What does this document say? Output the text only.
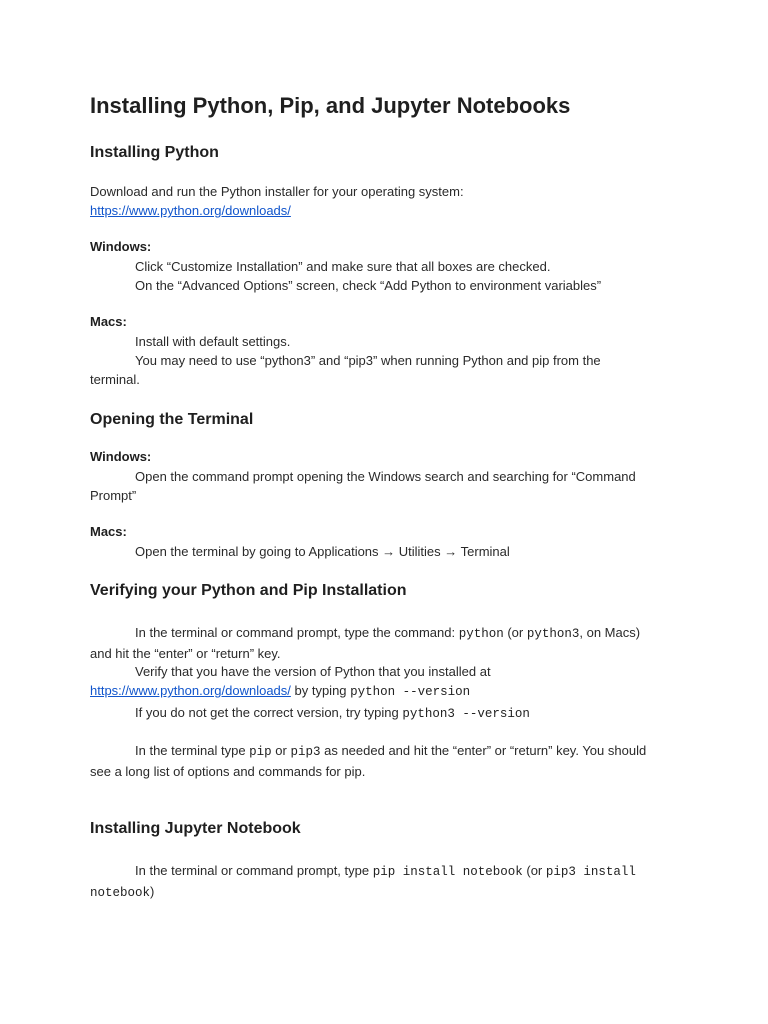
Installing Python, Pip, and Jupyter Notebooks
Installing Python
Download and run the Python installer for your operating system:
https://www.python.org/downloads/
Windows:
Click “Customize Installation” and make sure that all boxes are checked.
On the “Advanced Options” screen, check “Add Python to environment variables”
Macs:
Install with default settings.
You may need to use “python3” and “pip3” when running Python and pip from the terminal.
Opening the Terminal
Windows:
Open the command prompt opening the Windows search and searching for “Command Prompt”
Macs:
Open the terminal by going to Applications → Utilities → Terminal
Verifying your Python and Pip Installation
In the terminal or command prompt, type the command: python (or python3, on Macs) and hit the “enter” or “return” key.
Verify that you have the version of Python that you installed at
https://www.python.org/downloads/ by typing python --version
If you do not get the correct version, try typing python3 --version
In the terminal type pip or pip3 as needed and hit the “enter” or “return” key. You should see a long list of options and commands for pip.
Installing Jupyter Notebook
In the terminal or command prompt, type pip install notebook (or pip3 install notebook)
